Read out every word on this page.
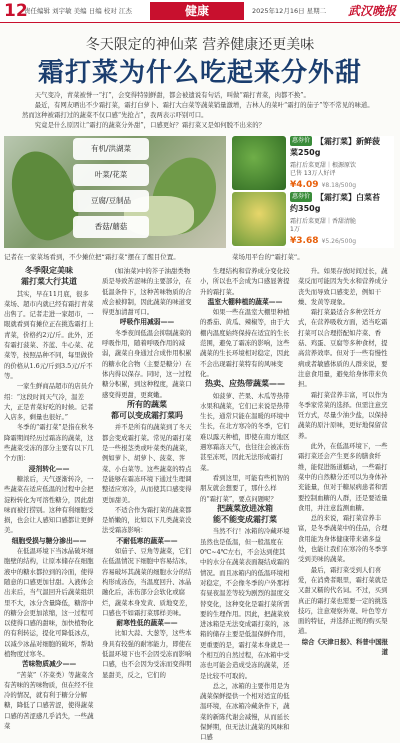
12
责任编辑 刘宇敏 美编 日编 校对 江杰	健康	2025年12月16日 星期二 武汉晚报
冬天限定的神仙菜 营养健康还更美味
霜打菜为什么吃起来分外甜

天气变冷，青菜被誉一“打”，会变得特别鲜甜，都会被遗说有句话，叫做“霜打青菜，肉都不换”。

最近，有网友晒出不少霜打菜，霜打白萝卜、霜打大白菜等蔬菜销量激增，吉林人的菜叶“霜打的茄子”等不常见的味道。然而这种被霜打过的蔬菜不仅口感“先抢占”，我两表示吓别可口。

究竟是什么原因让“霜打的蔬菜分外甜”，口感更好？霜打菜又是如何脱不出来的？

有机/洪湖菜
叶菜/花菜
豆腐/豆制品
香菇/蘑菇
记者在一家菜场看到，不少摊位把“霜打菜”摆在了醒目位置。	菜场用平台的“霜打菜”。
惠券价 【霜打菜】新鲜菠
菜250g
霜打后菜更甜｜根源原饮
已售 13万人好评
¥4.09 ¥8.18/500g
惠券价 【霜打菜】白菜苔
约350g
霜打后菜更甜｜香甜清脆
1万
¥3.68 ¥5.26/500g

冬季限定美味

霜打菜大行其道

其实，早在11月底，很多菜场、超市内就已经有霜打青菜出售了。记者走进一家超市，一眼就看到有摊位正在挑选霜打上青菜，价格约2元/斤。此外，还有霜打菠菜、芥蓝、牛心菜、花菜等，按照品种不同，每里做价的价格从1.6元/斤到3.5元/斤不等。

一家生鲜商品超市的店员介绍：“这段时间天气冷，温差大，正是青菜好吃的时候。记者入店多，剩量也很好。”

冬季的“霜打菜”是指在秋冬降霜期间经历过霜冻的蔬菜，这些蔬菜受冻的部分主要有以下几个方面：

浸剂转化——

糖浓后，天气逐渐转冷，一些蔬菜在适应低温的过程中会把淀粉转化为可溶性糖分，因此甜味而被打捞别。这种有利细胞受损，也会让人感知口感都让更鲜美。

细胞受损与糖分渗出——

在低温环境下当冰晶破坏细胞壁的结构，让原本储存在细胞液中的糖水都拉到的冷面，使得随意的口感更加甘甜。入液体会出来后，当气温回升后蔬菜组织里不大，冰分含量降低，糖溶中的糖分会更加浓缩，这一过程可以使得口感的甜味，加快植物化的有利转运，提化可降低冰点，以减少冰晶对细胞的破坏，帮助植物度过寒冬。

苦味物质减少——

“苦菜”（芥菜类）等蔬菜含有苦味的苦味物质，但在经不住冷的情况，就有利于糖分分解糖，降低了口感苦涩，使得蔬菜口感的苦涩感几乎消失，一些蔬菜

(如油菜)中的芥子油甜类物质是导致苦涩味的主要部分，在低温条件下，这种苦味物质的合成会被抑制，因此蔬菜的味道变得更加清甜可口。

呼吸作用减弱——

冬季夜间低温会抑制蔬菜的呼吸作用，随着呼吸作用的减弱，蔬菜自身通过合成作用积累的糖水化合物（主要是糖分）在体内得以保存。同时，这一过程糖分积累，到这种程度，蔬菜口感变得更甜，更爽嫩。

所有的蔬菜

都可以变成霜打菜吗

并不是所有的蔬菜到了冬天都会变成霜打菜。常见的霜打菜是一些根茎类或叶菜类的蔬菜，例如萝卜、胡萝卜、菠菜、荠菜、小白菜等。这些蔬菜的特点是能够在霜冻环境下通过生理调整适应寒冷，从而使其口感变得更加甜美。

不适合作为霜打菜的蔬菜都是娇嫩的，比如以下几类蔬菜没法受霜冻影响：

不耐低寒的蔬菜——

如茄子、豆角等蔬菜，它们在低温情况下细胞中容易结冰，容易破坏其蔬菜的细胞水分的结构形成冻伤，当温度回升、冰晶融化后，冻伤部分会软化或腐烂，蔬菜本身发黄、质地变差，口感也不如霜打菜那样美味。

耐寒性低的蔬菜——

比如大蒜、大葱等，这些本身具有较强的耐寒能力，即使在低温环境下也不会因受冻而影响口感，也不会因为受冻而变得明显甜美，反之，它们的

生理结构和营养成分变化较小，所以也不会成为口感显著提升的霜打菜。

温室大棚种植的蔬菜——

如果一些在温室大棚里种植的番茄、黄瓜、辣椒等，由于大棚内温度始终保持在适宜的生长范围，避免了霜冻的影响，这些蔬菜的生长环境相对稳定，因此不会出现霜打菜特有的风味变化。

热卖、应热带蔬菜——

如菠萝、芒果、木瓜等热带水果和蔬菜，它们已来说是热带生长，通常只能在温暖的环境中生长，在北方寒冷的冬季，它们难以露天种植，即使在南方地区遇寒霜冻天气，也往往会被冻伤甚至冻死，因此无法形成霜打菜。

看到这里，可能有些机智的朋友就会想要了，那什么样的“霜打菜”，要点问题呢？

把蔬菜放进冰箱

能不能变成霜打菜

当然不行！冰箱的冷藏环境虽然也是低温，但一般温度在0℃~4℃左右，不会达到使其中的水分在蔬菜表面凝结成霜的情况。而且冰箱内的低温环境相对稳定，不会像冬季的户外那样有昼夜温差等较为剧烈的温度交替变化，这种变化是霜打菜所需要的生理作用。因此，把蔬菜放进冰箱是无法变成霜打菜的，冰箱的储存主要是低温保鲜作用，更重要的是，霜打菜本身就是一个相互的自然过程，在冰箱中受冻也可能会造成受冻的蔬菜，还是比较不可取的。

总之，冰箱的主要作用是为蔬菜保鲜提供一个相对适宜的低温环境，在冰箱冷藏条件下，蔬菜的新陈代谢会减慢，从而延长保鲜期，但无法让蔬菜的风味和口感

升。如果存放时间过长，蔬菜反而可能因为失水和营养成分丧失而导致口感变差，例如干燥、发黄等现象。

霜打菜最适合多种烹饪方式，在营养吸收方面，适当吃霜打菜可以合理搭配如芹菜、香菇、鸡蛋、豆腐等多种食材，提高营养效率。但对于一些有慢性病或者敏感体质的人群来说，要注意食用量，避免给身体带来负担。

霜打菜营养丰富，可以作为冬季家常菜的选择。但需注意烹饪方式，尽量少油少盐，以保持蔬菜的原汁原味，更好地保留营养。

此外，在低温环境下，一些霜打菜还会产生更多的膳食纤维，能促进肠道蠕动，一些霜打菜中的自然糖分还可以为身体补充能量，但对于糖尿病患者和需要控制血糖的人群，还是要适量食用，并注意监测血糖。

总的来说，霜打菜营养丰富，是冬季蔬菜中的佳品，合理食用能为身体健康带来诸多益处，也能让我们在寒冷的冬季享受到美味的蔬菜。

最后，霜打菜受到人们喜爱，在消费者眼里，霜打菜就是又甜又糯的代名词。不过，买到真正的霜打菜也需要一定的挑选技巧，注意观察外观、叶色等方面的特征，并选择正规的购买渠道。

综合《天津日报》、科普中国报道
